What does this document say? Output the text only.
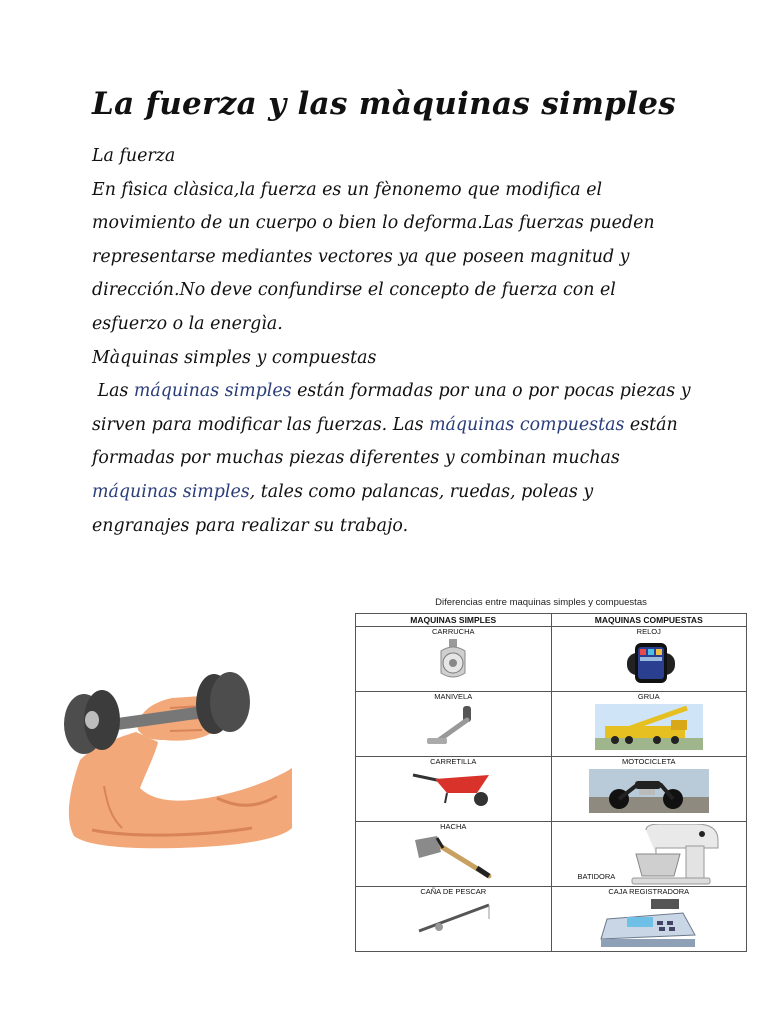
La fuerza y las màquinas simples

La fuerza

En fìsica clàsica,la fuerza es un fènonemo que modifica el movimiento de un cuerpo o bien lo deforma.Las fuerzas pueden representarse mediantes vectores ya que poseen magnitud y dirección.No deve confundirse el concepto de fuerza con el esfuerzo o la energìa.

Màquinas simples y compuestas

Las máquinas simples están formadas por una o por pocas piezas y sirven para modificar las fuerzas. Las máquinas compuestas están formadas por muchas piezas diferentes y combinan muchas máquinas simples, tales como palancas, ruedas, poleas y engranajes para realizar su trabajo.

Diferencias entre maquinas simples y compuestas
MAQUINAS SIMPLES	MAQUINAS COMPUESTAS

CARRUCHA	RELOJ

MANIVELA	GRUA

CARRETILLA	MOTOCICLETA

HACHA	BATIDORA

CAÑA DE PESCAR	CAJA REGISTRADORA
